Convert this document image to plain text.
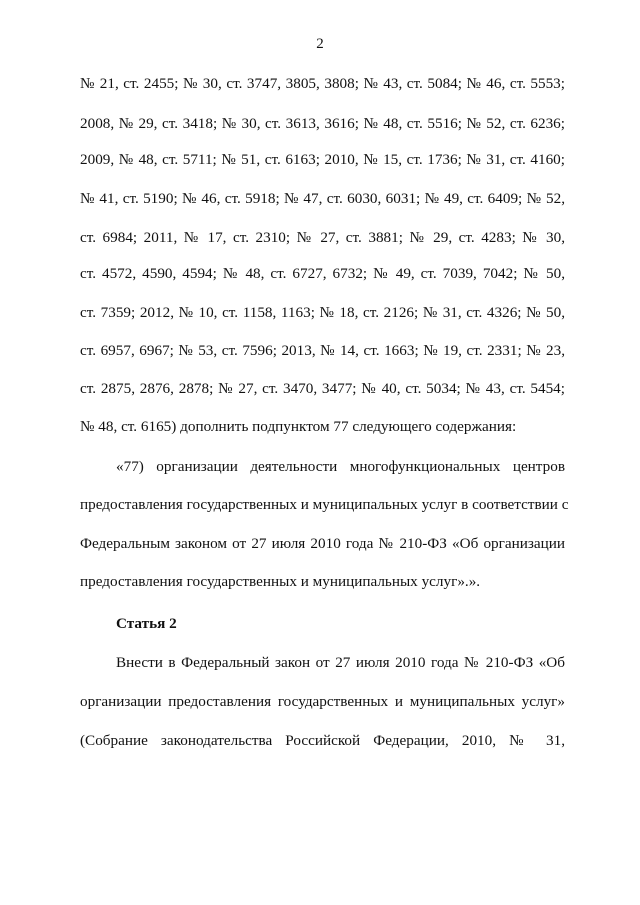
2
№ 21, ст. 2455; № 30, ст. 3747, 3805, 3808; № 43, ст. 5084; № 46, ст. 5553;
2008, № 29, ст. 3418; № 30, ст. 3613, 3616; № 48, ст. 5516; № 52, ст. 6236;
2009, № 48, ст. 5711; № 51, ст. 6163; 2010, № 15, ст. 1736; № 31, ст. 4160;
№ 41, ст. 5190; № 46, ст. 5918; № 47, ст. 6030, 6031; № 49, ст. 6409; № 52,
ст. 6984; 2011, № 17, ст. 2310; № 27, ст. 3881; № 29, ст. 4283; № 30,
ст. 4572, 4590, 4594; № 48, ст. 6727, 6732; № 49, ст. 7039, 7042; № 50,
ст. 7359; 2012, № 10, ст. 1158, 1163; № 18, ст. 2126; № 31, ст. 4326; № 50,
ст. 6957, 6967; № 53, ст. 7596; 2013, № 14, ст. 1663; № 19, ст. 2331; № 23,
ст. 2875, 2876, 2878; № 27, ст. 3470, 3477; № 40, ст. 5034; № 43, ст. 5454;
№ 48, ст. 6165) дополнить подпунктом 77 следующего содержания:
«77) организации деятельности многофункциональных центров
предоставления государственных и муниципальных услуг в соответствии с
Федеральным законом от 27 июля 2010 года № 210-ФЗ «Об организации
предоставления государственных и муниципальных услуг».».
Статья 2
Внести в Федеральный закон от 27 июля 2010 года № 210-ФЗ «Об
организации предоставления государственных и муниципальных услуг»
(Собрание законодательства Российской Федерации, 2010, № 31,
